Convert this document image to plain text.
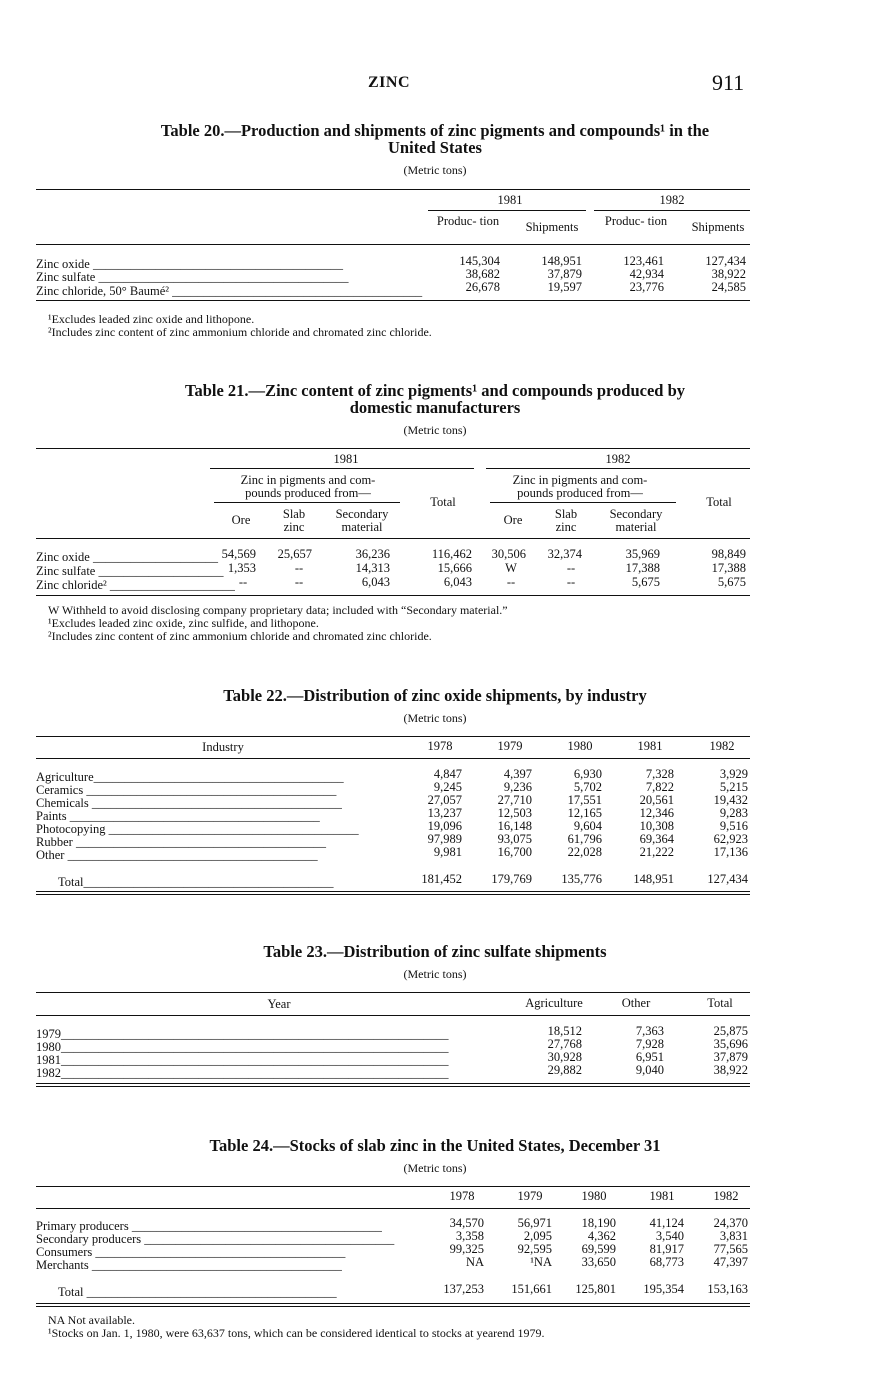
ZINC	911
Table 20.—Production and shipments of zinc pigments and compounds¹ in the
United States
(Metric tons)
1981	1982
Produc- tion	Shipments	Produc- tion	Shipments
Zinc oxide ________________________________________	145,304	148,951	123,461	127,434
Zinc sulfate ________________________________________	38,682	37,879	42,934	38,922
Zinc chloride, 50° Baumé² ________________________________________	26,678	19,597	23,776	24,585
¹Excludes leaded zinc oxide and lithopone.
²Includes zinc content of zinc ammonium chloride and chromated zinc chloride.
Table 21.—Zinc content of zinc pigments¹ and compounds produced by
domestic manufacturers
(Metric tons)
1981	1982
Zinc in pigments and com- pounds produced from—
Zinc in pigments and com- pounds produced from—
Total	Total
Ore	Slab zinc
Secondary material	Ore	Slab zinc
Secondary material
Zinc oxide ____________________ 54,569	25,657	36,236	116,462	30,506	32,374	35,969	98,849
Zinc sulfate ____________________ 1,353	--	14,313	15,666	W	--	17,388	17,388
Zinc chloride² ____________________ --	--	6,043	6,043	--	--	5,675	5,675
W Withheld to avoid disclosing company proprietary data; included with “Secondary material.”
¹Excludes leaded zinc oxide, zinc sulfide, and lithopone.
²Includes zinc content of zinc ammonium chloride and chromated zinc chloride.
Table 22.—Distribution of zinc oxide shipments, by industry
(Metric tons)
Industry	1978	1979	1980	1981	1982
Agriculture________________________________________	4,847	4,397	6,930	7,328	3,929
Ceramics ________________________________________	9,245	9,236	5,702	7,822	5,215
Chemicals ________________________________________	27,057	27,710	17,551	20,561	19,432
Paints ________________________________________	13,237	12,503	12,165	12,346	9,283
Photocopying ________________________________________	19,096	16,148	9,604	10,308	9,516
Rubber ________________________________________	97,989	93,075	61,796	69,364	62,923
Other ________________________________________	9,981	16,700	22,028	21,222	17,136
Total________________________________________	181,452	179,769	135,776	148,951	127,434
Table 23.—Distribution of zinc sulfate shipments
(Metric tons)
Year	Agriculture	Other	Total
1979______________________________________________________________	18,512	7,363	25,875
1980______________________________________________________________	27,768	7,928	35,696
1981______________________________________________________________	30,928	6,951	37,879
1982______________________________________________________________	29,882	9,040	38,922
Table 24.—Stocks of slab zinc in the United States, December 31
(Metric tons)
1978	1979	1980	1981	1982
Primary producers ________________________________________	34,570	56,971	18,190	41,124	24,370
Secondary producers ________________________________________	3,358	2,095	4,362	3,540	3,831
Consumers ________________________________________	99,325	92,595	69,599	81,917	77,565
Merchants ________________________________________	NA	¹NA	33,650	68,773	47,397
Total ________________________________________	137,253	151,661	125,801	195,354	153,163
NA Not available.
¹Stocks on Jan. 1, 1980, were 63,637 tons, which can be considered identical to stocks at yearend 1979.
